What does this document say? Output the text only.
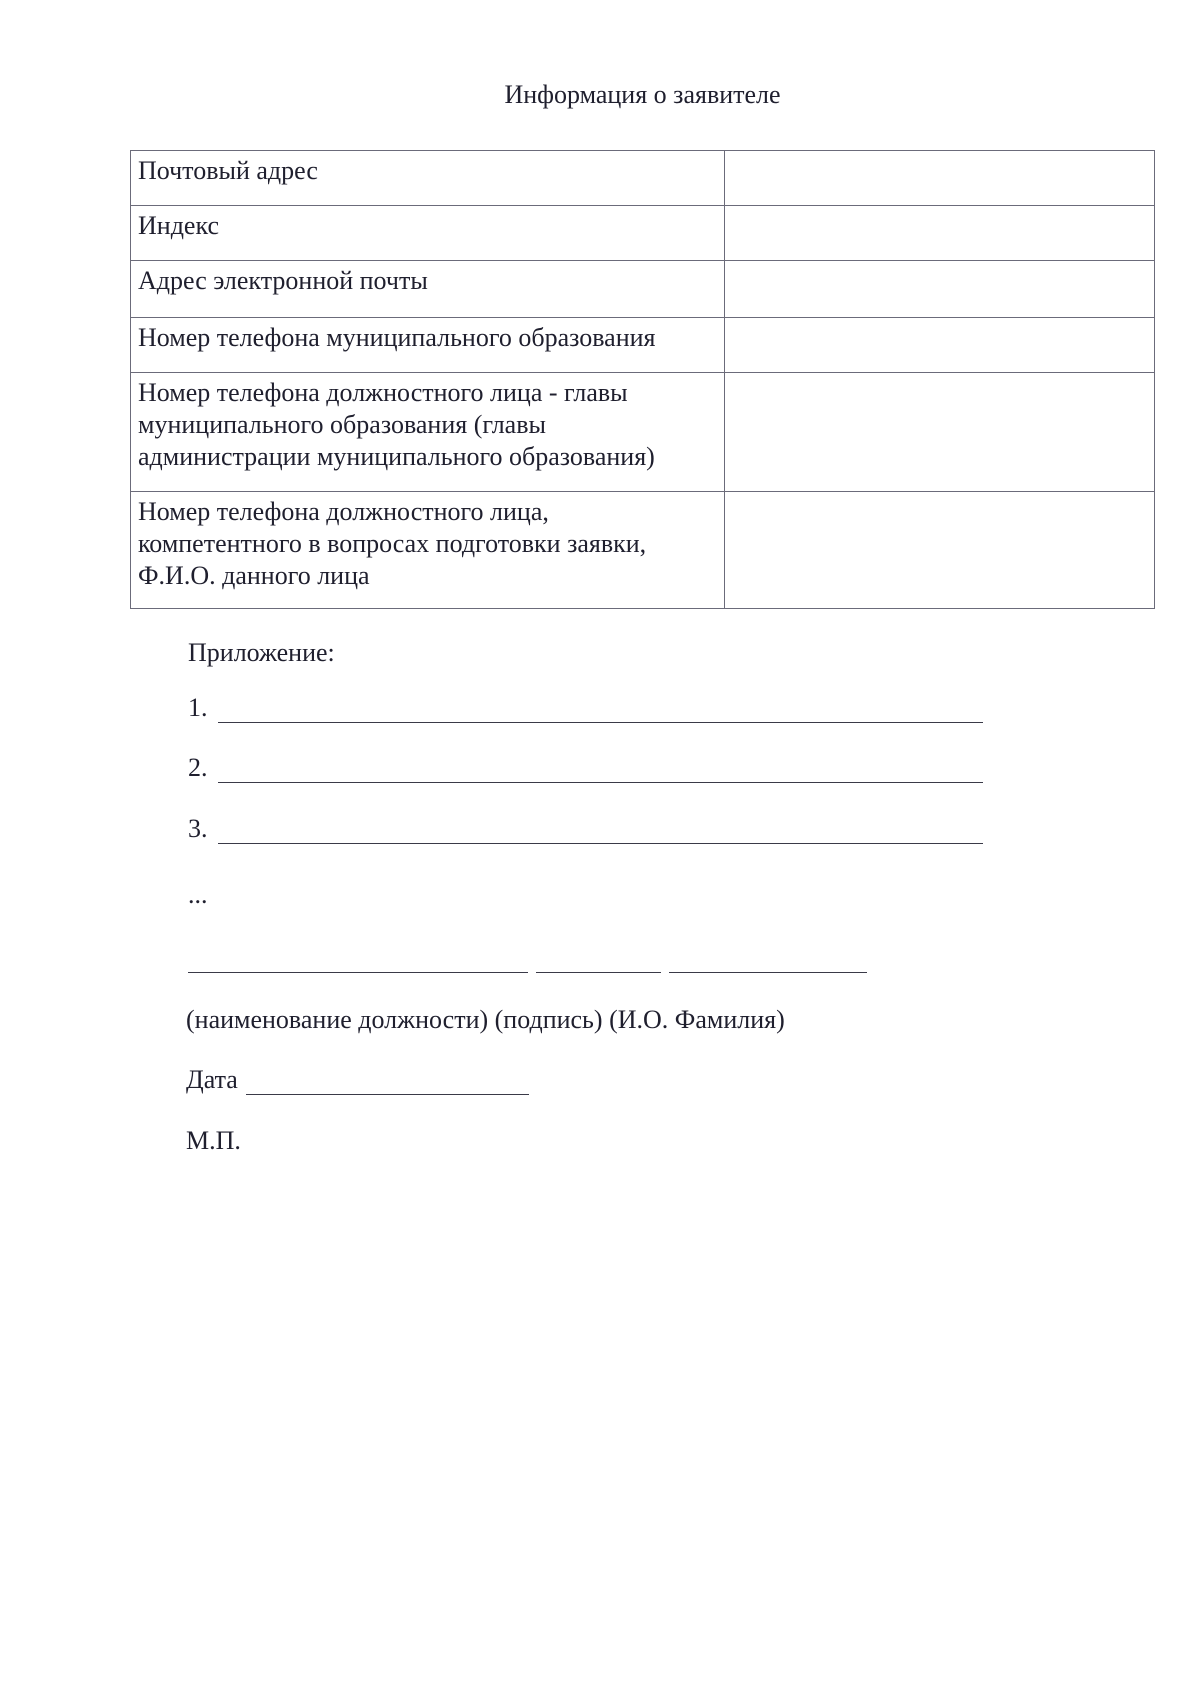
Информация о заявителе
Почтовый адрес	
Индекс	
Адрес электронной почты	
Номер телефона муниципального образования	
Номер телефона должностного лица - главы муниципального образования (главы администрации муниципального образования)	
Номер телефона должностного лица, компетентного в вопросах подготовки заявки, Ф.И.О. данного лица	
Приложение:
1.
2.
3.
...
(наименование должности) (подпись) (И.О. Фамилия)
Дата
М.П.
